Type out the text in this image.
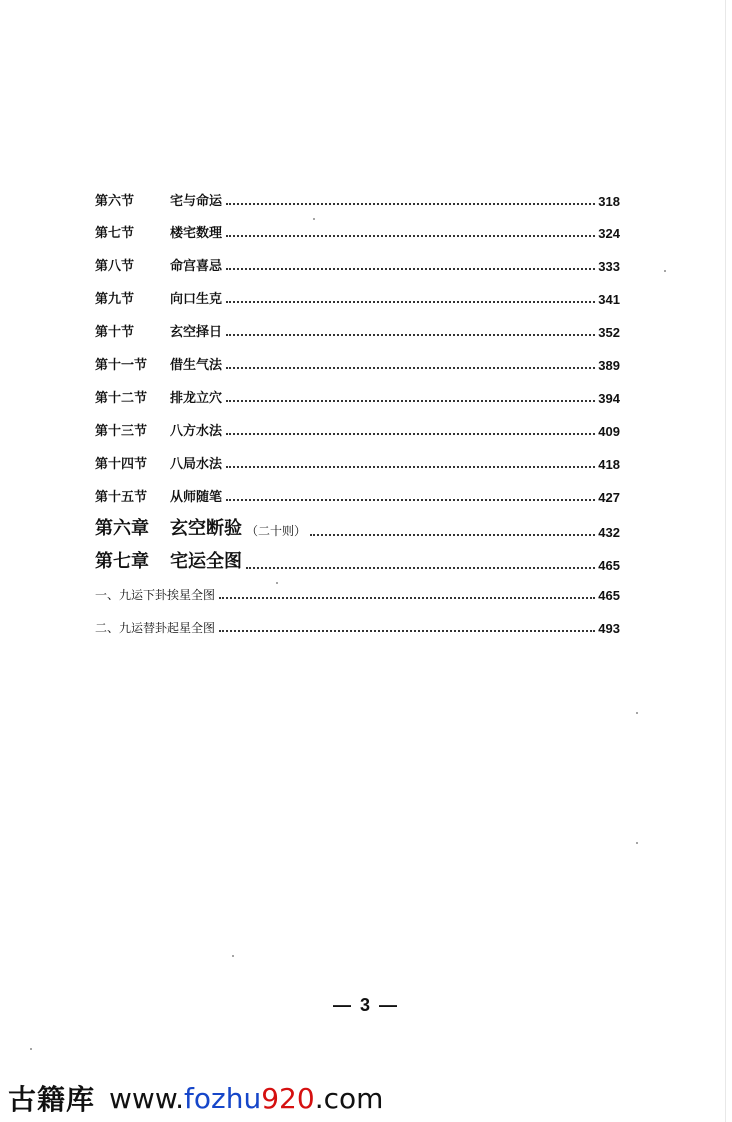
第六节	宅与命运	318
第七节	楼宅数理	324
第八节	命宫喜忌	333
第九节	向口生克	341
第十节	玄空择日	352
第十一节	借生气法	389
第十二节	排龙立穴	394
第十三节	八方水法	409
第十四节	八局水法	418
第十五节	从师随笔	427
第六章	玄空断验 （二十则）	432
第七章	宅运全图	465
一、九运下卦挨星全图	465
二、九运替卦起星全图	493
— 3 —
古籍库 www. fozhu 920 .com
